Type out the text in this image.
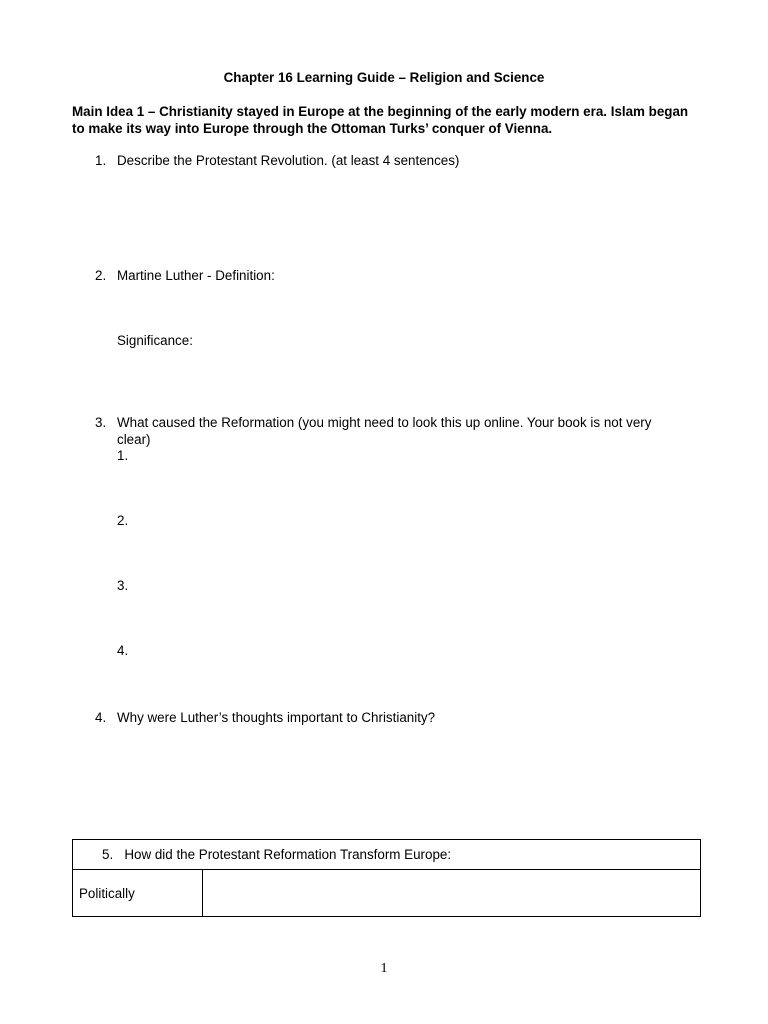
Chapter 16 Learning Guide – Religion and Science
Main Idea 1 – Christianity stayed in Europe at the beginning of the early modern era. Islam began to make its way into Europe through the Ottoman Turks’ conquer of Vienna.
1. Describe the Protestant Revolution. (at least 4 sentences)
2. Martine Luther - Definition:
Significance:
3. What caused the Reformation (you might need to look this up online. Your book is not very clear)
1.
2.
3.
4.
4. Why were Luther’s thoughts important to Christianity?
5. How did the Protestant Reformation Transform Europe:

Politically	
1
